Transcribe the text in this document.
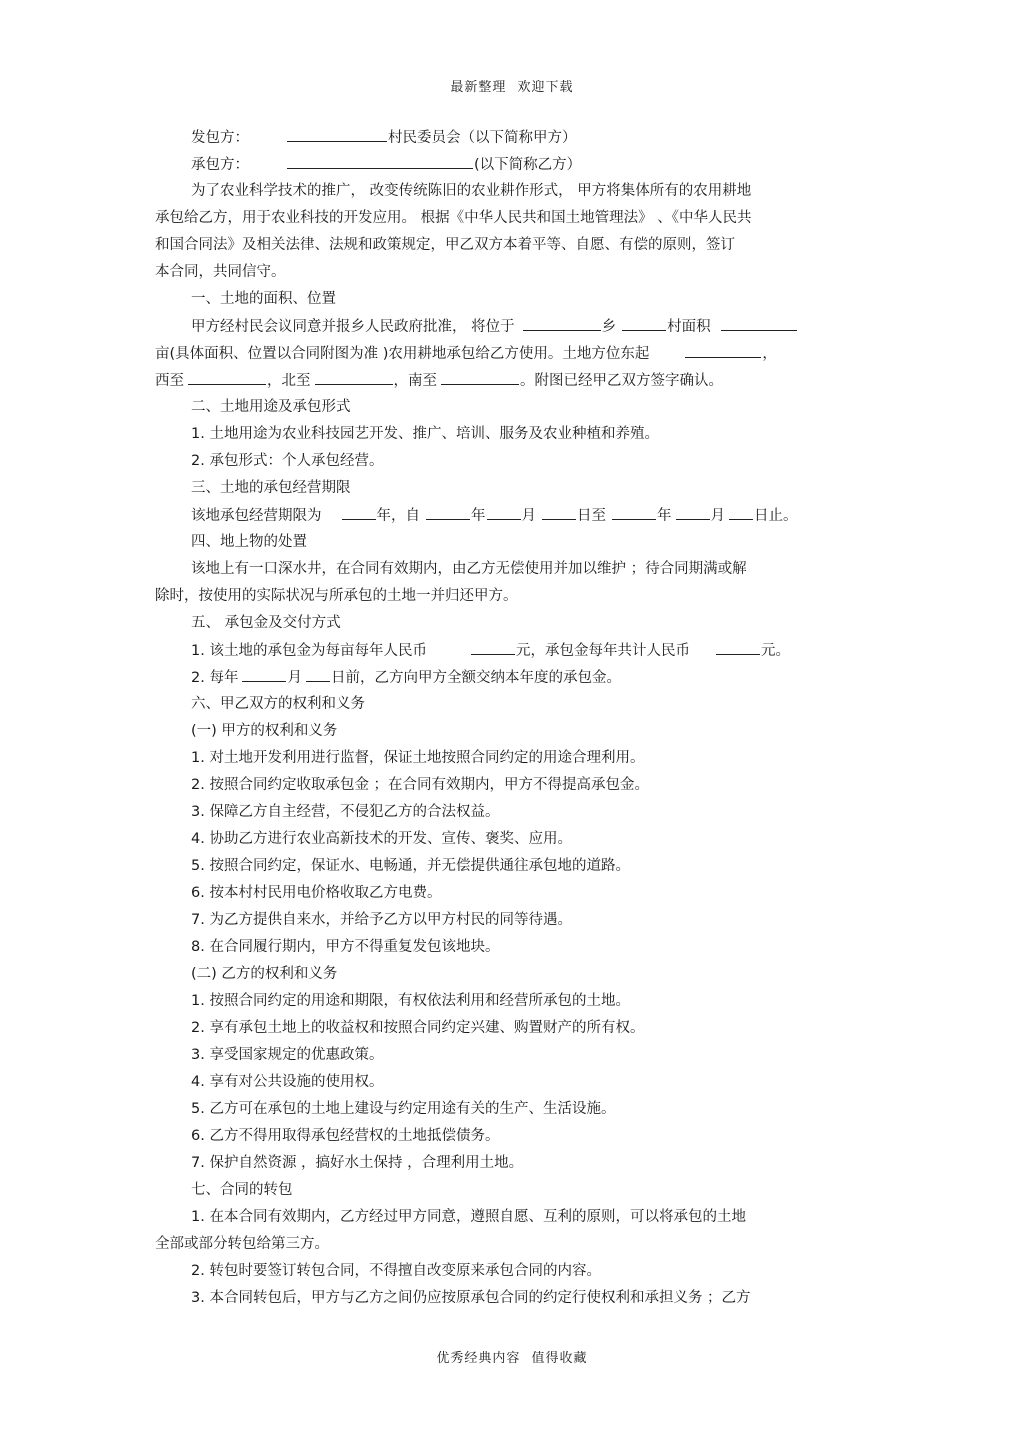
最新整理 欢迎下载
发包方：	村民委员会（以下简称甲方）
承包方：	(以下简称乙方）
为了农业科学技术的推广， 改变传统陈旧的农业耕作形式， 甲方将集体所有的农用耕地
承包给乙方，用于农业科技的开发应用。 根据《中华人民共和国土地管理法》 、《中华人民共
和国合同法》及相关法律、法规和政策规定，甲乙双方本着平等、自愿、有偿的原则，签订
本合同，共同信守。
一、土地的面积、位置
甲方经村民会议同意并报乡人民政府批准， 将位于	乡	村面积
亩(具体面积、位置以合同附图为准 )农用耕地承包给乙方使用。土地方位东起	，
西至	，北至	，南至	。附图已经甲乙双方签字确认。
二、土地用途及承包形式
1. 土地用途为农业科技园艺开发、推广、培训、服务及农业种植和养殖。
2. 承包形式：个人承包经营。
三、土地的承包经营期限
该地承包经营期限为	年，自	年 月	日至	年	月 日止。
四、地上物的处置
该地上有一口深水井，在合同有效期内，由乙方无偿使用并加以维护 ；待合同期满或解
除时，按使用的实际状况与所承包的土地一并归还甲方。
五、 承包金及交付方式
1. 该土地的承包金为每亩每年人民币	元，承包金每年共计人民币	元。
2. 每年	月 日前，乙方向甲方全额交纳本年度的承包金。
六、甲乙双方的权利和义务
(一) 甲方的权利和义务
1. 对土地开发利用进行监督，保证土地按照合同约定的用途合理利用。
2. 按照合同约定收取承包金 ；在合同有效期内，甲方不得提高承包金。
3. 保障乙方自主经营，不侵犯乙方的合法权益。
4. 协助乙方进行农业高新技术的开发、宣传、褒奖、应用。
5. 按照合同约定，保证水、电畅通，并无偿提供通往承包地的道路。
6. 按本村村民用电价格收取乙方电费。
7. 为乙方提供自来水，并给予乙方以甲方村民的同等待遇。
8. 在合同履行期内，甲方不得重复发包该地块。
(二) 乙方的权利和义务
1. 按照合同约定的用途和期限，有权依法利用和经营所承包的土地。
2. 享有承包土地上的收益权和按照合同约定兴建、购置财产的所有权。
3. 享受国家规定的优惠政策。
4. 享有对公共设施的使用权。
5. 乙方可在承包的土地上建设与约定用途有关的生产、生活设施。
6. 乙方不得用取得承包经营权的土地抵偿债务。
7. 保护自然资源 ，搞好水土保持 ，合理利用土地。
七、合同的转包
1. 在本合同有效期内，乙方经过甲方同意，遵照自愿、互利的原则，可以将承包的土地
全部或部分转包给第三方。
2. 转包时要签订转包合同，不得擅自改变原来承包合同的内容。
3. 本合同转包后，甲方与乙方之间仍应按原承包合同的约定行使权利和承担义务 ；乙方
优秀经典内容 值得收藏
